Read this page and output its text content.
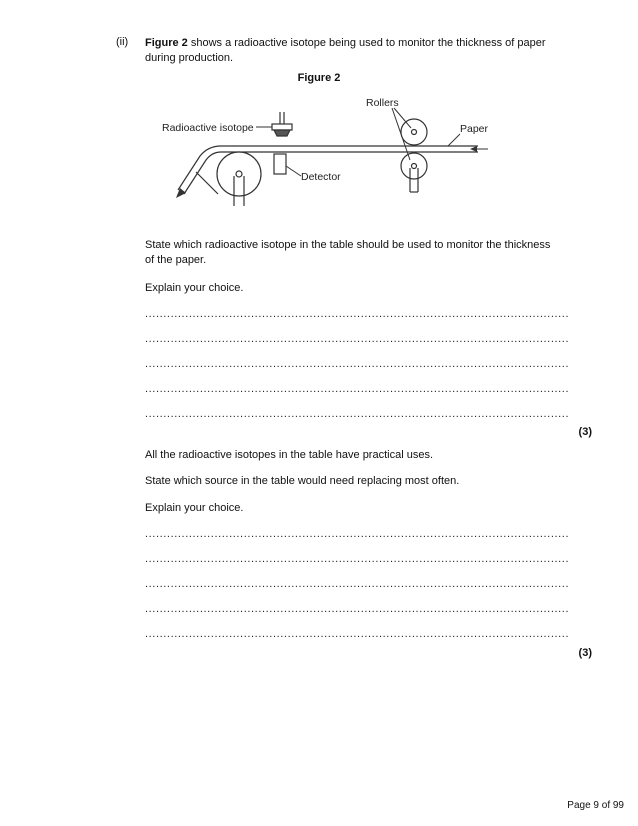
(ii) Figure 2 shows a radioactive isotope being used to monitor the thickness of paper
during production.
Figure 2
Rollers
Paper
Radioactive isotope
Detector
State which radioactive isotope in the table should be used to monitor the thickness
of the paper.
Explain your choice.
....................................................................................................................
....................................................................................................................
....................................................................................................................
....................................................................................................................
....................................................................................................................
(3)
All the radioactive isotopes in the table have practical uses.
State which source in the table would need replacing most often.
Explain your choice.
....................................................................................................................
....................................................................................................................
....................................................................................................................
....................................................................................................................
....................................................................................................................
(3)
Page 9 of 99
